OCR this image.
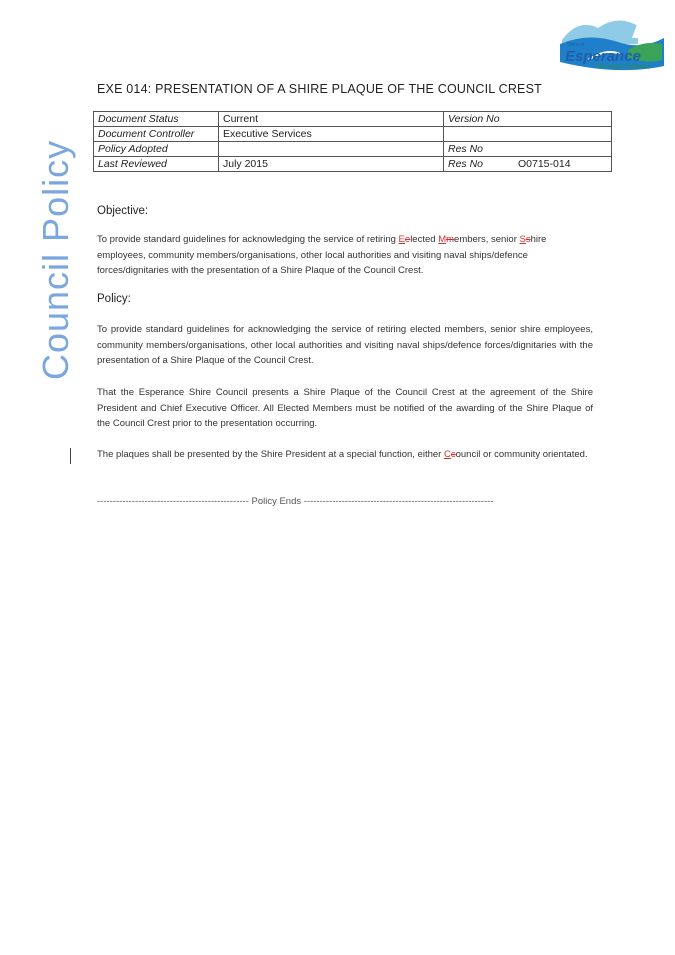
Council Policy
Shire of
Esperance
We make it happen!
EXE 014: PRESENTATION OF A SHIRE PLAQUE OF THE COUNCIL CREST
Document Status	Current	Version No	
Document Controller	Executive Services		
Policy Adopted		Res No	
Last Reviewed	July 2015	Res No	O0715-014
Objective:
To provide standard guidelines for acknowledging the service of retiring Eelected Mmembers, senior Sshire employees, community members/organisations, other local authorities and visiting naval ships/defence forces/dignitaries with the presentation of a Shire Plaque of the Council Crest.
Policy:
To provide standard guidelines for acknowledging the service of retiring elected members, senior shire employees, community members/organisations, other local authorities and visiting naval ships/defence forces/dignitaries with the presentation of a Shire Plaque of the Council Crest.
That the Esperance Shire Council presents a Shire Plaque of the Council Crest at the agreement of the Shire President and Chief Executive Officer. All Elected Members must be notified of the awarding of the Shire Plaque of the Council Crest prior to the presentation occurring.
The plaques shall be presented by the Shire President at a special function, either Ccouncil or community orientated.
------------------------------------------------ Policy Ends ------------------------------------------------------------
